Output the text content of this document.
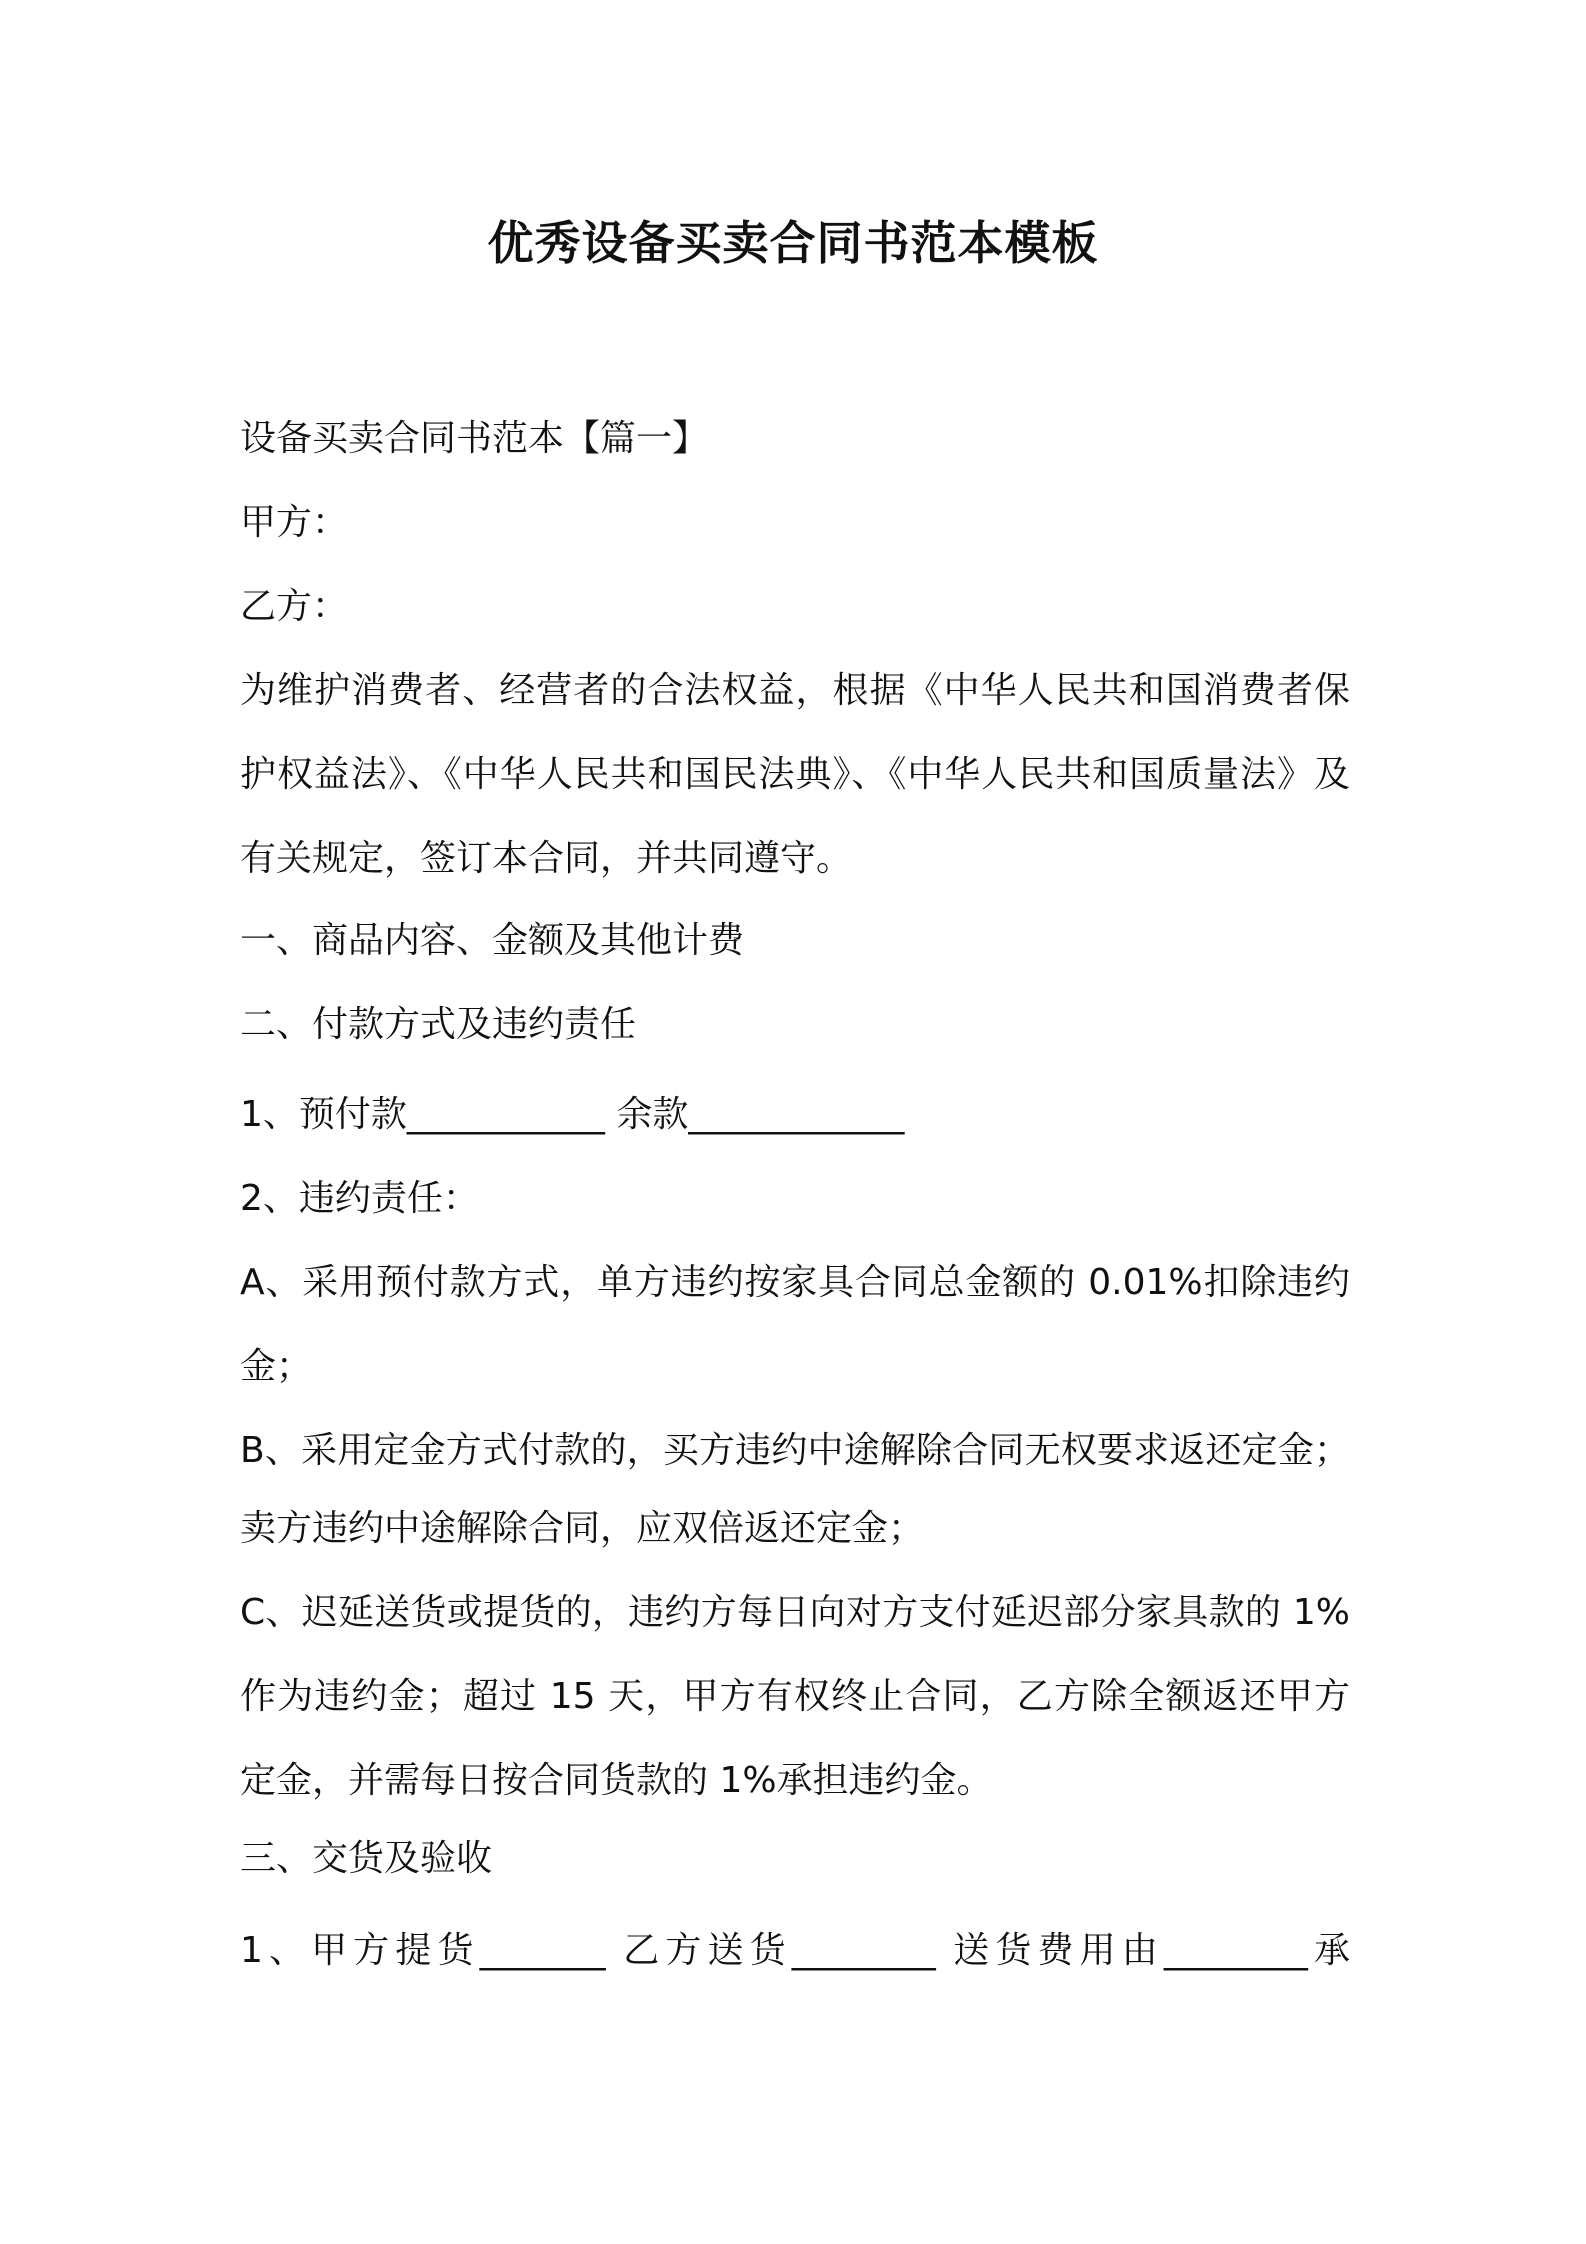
优秀设备买卖合同书范本模板
设备买卖合同书范本【篇一】
甲方：
乙方：
为维护消费者、经营者的合法权益，根据《中华人民共和国消费者保
护权益法》、《中华人民共和国民法典》、《中华人民共和国质量法》及
有关规定，签订本合同，并共同遵守。
一、商品内容、金额及其他计费
二、付款方式及违约责任
1、预付款___________ 余款____________
2、违约责任：
A、采用预付款方式，单方违约按家具合同总金额的 0.01%扣除违约
金；
B、采用定金方式付款的，买方违约中途解除合同无权要求返还定金；
卖方违约中途解除合同，应双倍返还定金；
C、迟延送货或提货的，违约方每日向对方支付延迟部分家具款的 1%
作为违约金；超过 15 天，甲方有权终止合同，乙方除全额返还甲方
定金，并需每日按合同货款的 1%承担违约金。
三、交货及验收
1、甲方提货_______ 乙方送货________ 送货费用由________承
